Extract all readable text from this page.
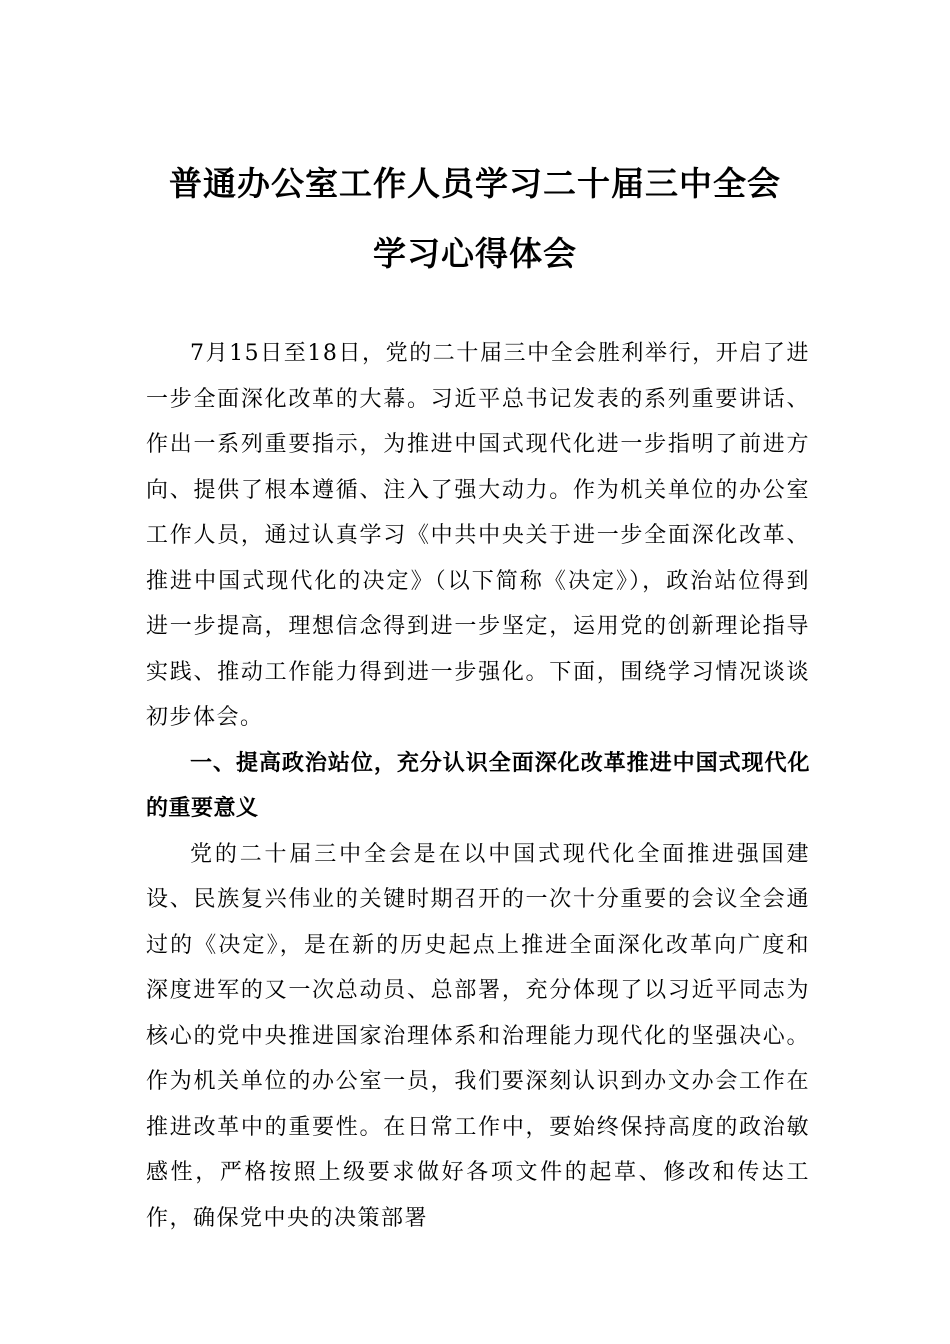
普通办公室工作人员学习二十届三中全会
学习心得体会

7月15日至18日，党的二十届三中全会胜利举行，开启了进一步全面深化改革的大幕。习近平总书记发表的系列重要讲话、作出一系列重要指示，为推进中国式现代化进一步指明了前进方向、提供了根本遵循、注入了强大动力。作为机关单位的办公室工作人员，通过认真学习《中共中央关于进一步全面深化改革、推进中国式现代化的决定》（以下简称《决定》），政治站位得到进一步提高，理想信念得到进一步坚定，运用党的创新理论指导实践、推动工作能力得到进一步强化。下面，围绕学习情况谈谈初步体会。

一、提高政治站位，充分认识全面深化改革推进中国式现代化的重要意义

党的二十届三中全会是在以中国式现代化全面推进强国建设、民族复兴伟业的关键时期召开的一次十分重要的会议全会通过的《决定》，是在新的历史起点上推进全面深化改革向广度和深度进军的又一次总动员、总部署，充分体现了以习近平同志为核心的党中央推进国家治理体系和治理能力现代化的坚强决心。作为机关单位的办公室一员，我们要深刻认识到办文办会工作在推进改革中的重要性。在日常工作中，要始终保持高度的政治敏感性，严格按照上级要求做好各项文件的起草、修改和传达工作，确保党中央的决策部署
